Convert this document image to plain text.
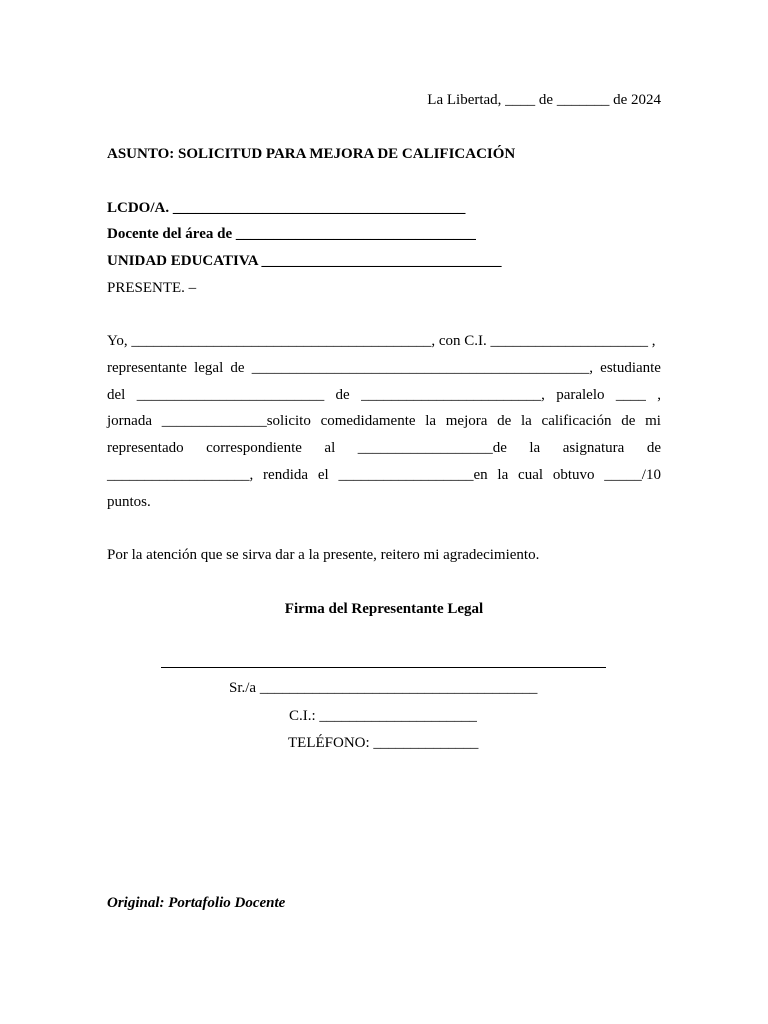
La Libertad, ____ de _______ de 2024
ASUNTO: SOLICITUD PARA MEJORA DE CALIFICACIÓN
LCDO/A. _______________________________________
Docente del área de ________________________________
UNIDAD EDUCATIVA ________________________________
PRESENTE. –
Yo, ________________________________________, con C.I. _____________________ ,
representante legal de _____________________________________________, estudiante
del _________________________ de ________________________, paralelo ____ ,
jornada ______________solicito comedidamente la mejora de la calificación de mi
representado correspondiente al __________________de la asignatura de
___________________, rendida el __________________en la cual obtuvo _____/10
puntos.
Por la atención que se sirva dar a la presente, reitero mi agradecimiento.
Firma del Representante Legal
Sr./a _____________________________________
C.I.: _____________________
TELÉFONO: ______________
Original: Portafolio Docente
